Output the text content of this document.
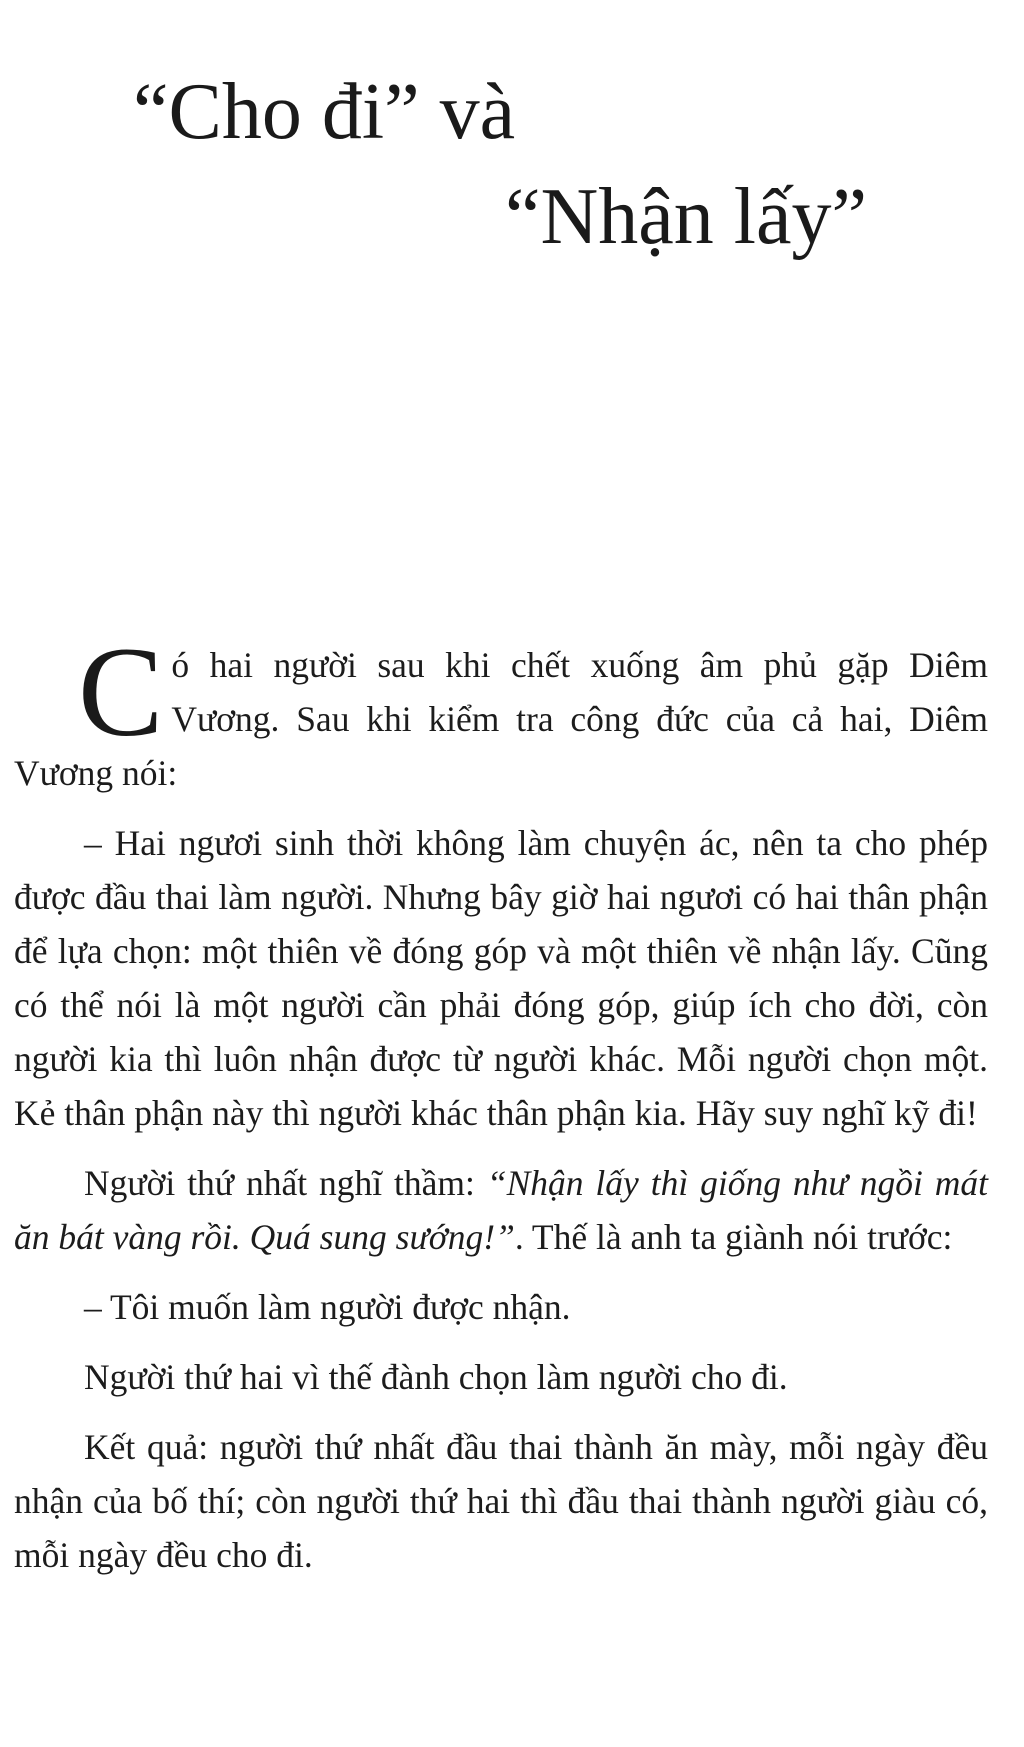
“Cho đi” và
“Nhận lấy”

Có hai người sau khi chết xuống âm phủ gặp Diêm Vương. Sau khi kiểm tra công đức của cả hai, Diêm Vương nói:

– Hai ngươi sinh thời không làm chuyện ác, nên ta cho phép được đầu thai làm người. Nhưng bây giờ hai ngươi có hai thân phận để lựa chọn: một thiên về đóng góp và một thiên về nhận lấy. Cũng có thể nói là một người cần phải đóng góp, giúp ích cho đời, còn người kia thì luôn nhận được từ người khác. Mỗi người chọn một. Kẻ thân phận này thì người khác thân phận kia. Hãy suy nghĩ kỹ đi!

Người thứ nhất nghĩ thầm: “Nhận lấy thì giống như ngồi mát ăn bát vàng rồi. Quá sung sướng!”. Thế là anh ta giành nói trước:

– Tôi muốn làm người được nhận.

Người thứ hai vì thế đành chọn làm người cho đi.

Kết quả: người thứ nhất đầu thai thành ăn mày, mỗi ngày đều nhận của bố thí; còn người thứ hai thì đầu thai thành người giàu có, mỗi ngày đều cho đi.
